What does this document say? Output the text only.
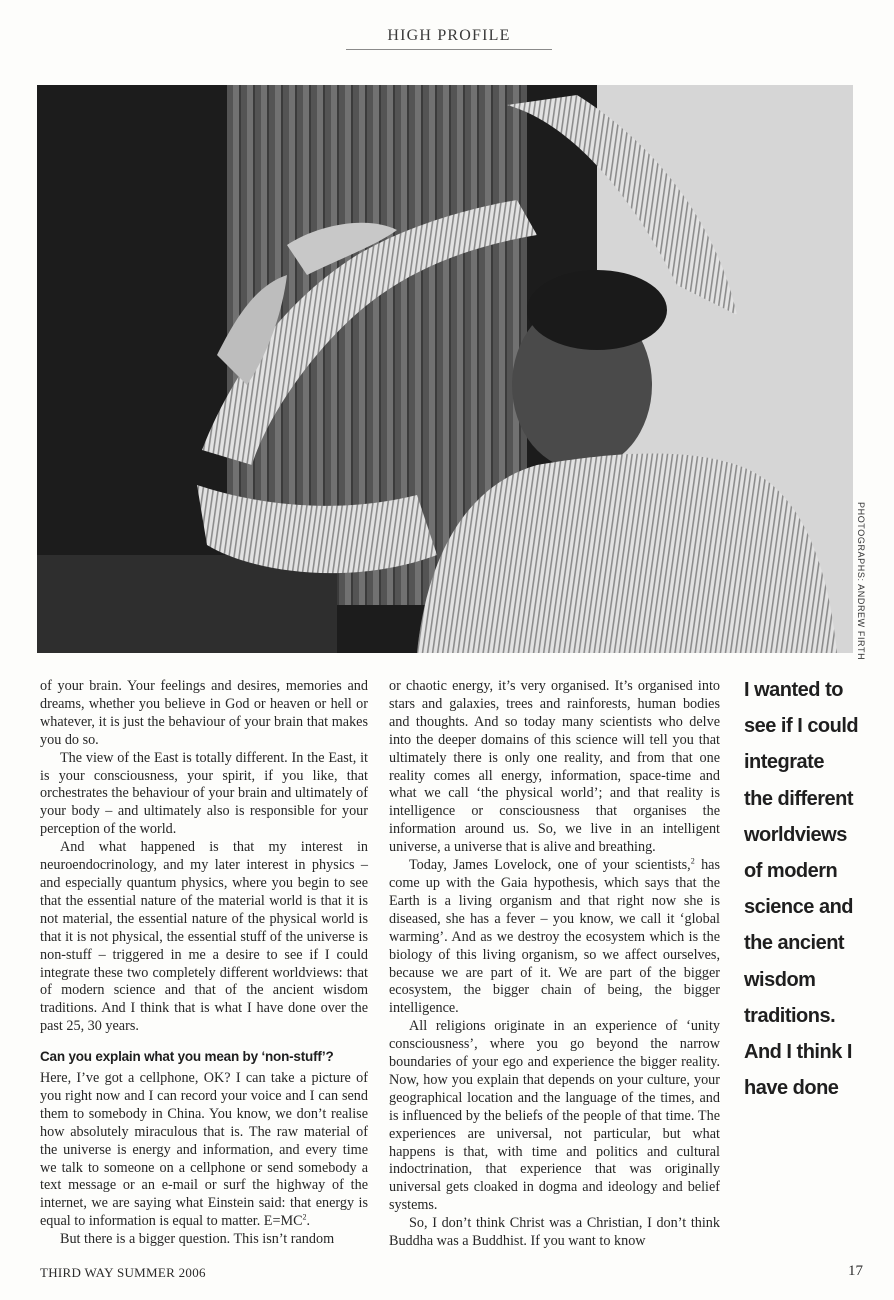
HIGH PROFILE
PHOTOGRAPHS: ANDREW FIRTH

of your brain. Your feelings and desires, memories and dreams, whether you believe in God or heaven or hell or whatever, it is just the behaviour of your brain that makes you do so.

The view of the East is totally different. In the East, it is your consciousness, your spirit, if you like, that orchestrates the behaviour of your brain and ultimately of your body – and ultimately also is responsible for your perception of the world.

And what happened is that my interest in neuroendocrinology, and my later interest in physics – and especially quantum physics, where you begin to see that the essential nature of the material world is that it is not material, the essential nature of the physical world is that it is not physical, the essential stuff of the universe is non-stuff – triggered in me a desire to see if I could integrate these two completely different worldviews: that of modern science and that of the ancient wisdom traditions. And I think that is what I have done over the past 25, 30 years.

Can you explain what you mean by ‘non-stuff’?

Here, I’ve got a cellphone, OK? I can take a picture of you right now and I can record your voice and I can send them to somebody in China. You know, we don’t realise how absolutely miraculous that is. The raw material of the universe is energy and information, and every time we talk to someone on a cellphone or send somebody a text message or an e-mail or surf the highway of the internet, we are saying what Einstein said: that energy is equal to information is equal to matter. $E=MC^2$.

But there is a bigger question. This isn’t random

or chaotic energy, it’s very organised. It’s organised into stars and galaxies, trees and rainforests, human bodies and thoughts. And so today many scientists who delve into the deeper domains of this science will tell you that ultimately there is only one reality, and from that one reality comes all energy, information, space-time and what we call ‘the physical world’; and that reality is intelligence or consciousness that organises the information around us. So, we live in an intelligent universe, a universe that is alive and breathing.

Today, James Lovelock, one of your scientists,$^2$ has come up with the Gaia hypothesis, which says that the Earth is a living organism and that right now she is diseased, she has a fever – you know, we call it ‘global warming’. And as we destroy the ecosystem which is the biology of this living organism, so we affect ourselves, because we are part of it. We are part of the bigger ecosystem, the bigger chain of being, the bigger intelligence.

All religions originate in an experience of ‘unity consciousness’, where you go beyond the narrow boundaries of your ego and experience the bigger reality. Now, how you explain that depends on your culture, your geographical location and the language of the times, and is influenced by the beliefs of the people of that time. The experiences are universal, not particular, but what happens is that, with time and politics and cultural indoctrination, that experience that was originally universal gets cloaked in dogma and ideology and belief systems.

So, I don’t think Christ was a Christian, I don’t think Buddha was a Buddhist. If you want to know

I wanted to
see if I could
integrate
the different
worldviews
of modern
science and
the ancient
wisdom
traditions.
And I think I
have done
THIRD WAY SUMMER 2006	17
